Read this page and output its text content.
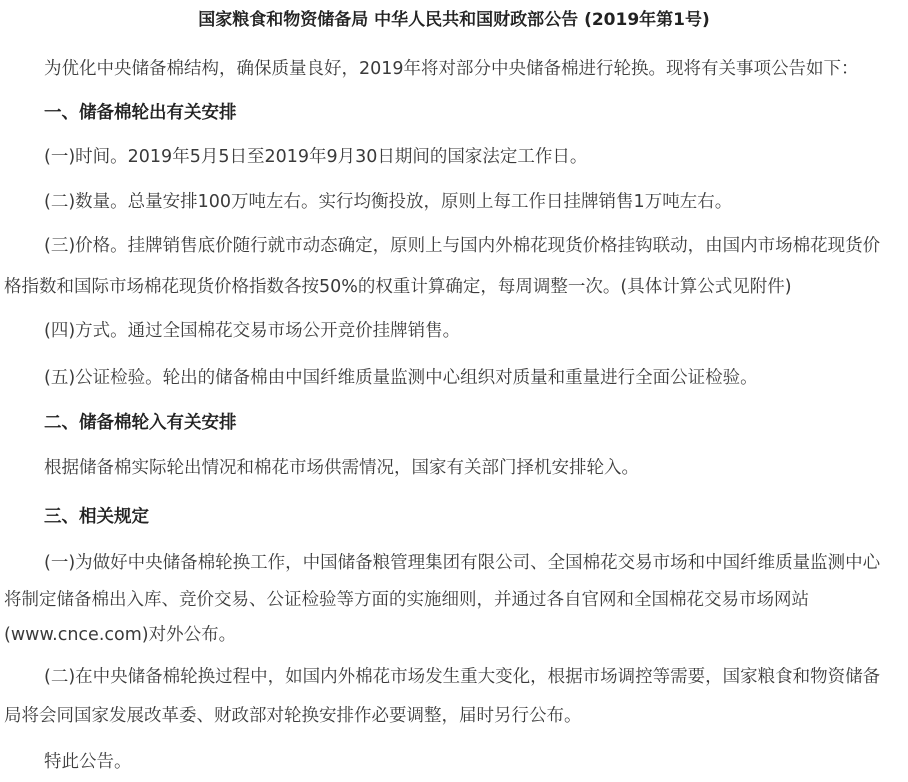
国家粮食和物资储备局 中华人民共和国财政部公告 (2019年第1号)
为优化中央储备棉结构，确保质量良好，2019年将对部分中央储备棉进行轮换。现将有关事项公告如下：
一、储备棉轮出有关安排
(一)时间。2019年5月5日至2019年9月30日期间的国家法定工作日。
(二)数量。总量安排100万吨左右。实行均衡投放，原则上每工作日挂牌销售1万吨左右。
(三)价格。挂牌销售底价随行就市动态确定，原则上与国内外棉花现货价格挂钩联动，由国内市场棉花现货价
格指数和国际市场棉花现货价格指数各按50%的权重计算确定，每周调整一次。(具体计算公式见附件)
(四)方式。通过全国棉花交易市场公开竞价挂牌销售。
(五)公证检验。轮出的储备棉由中国纤维质量监测中心组织对质量和重量进行全面公证检验。
二、储备棉轮入有关安排
根据储备棉实际轮出情况和棉花市场供需情况，国家有关部门择机安排轮入。
三、相关规定
(一)为做好中央储备棉轮换工作，中国储备粮管理集团有限公司、全国棉花交易市场和中国纤维质量监测中心
将制定储备棉出入库、竞价交易、公证检验等方面的实施细则，并通过各自官网和全国棉花交易市场网站
(www.cnce.com)对外公布。
(二)在中央储备棉轮换过程中，如国内外棉花市场发生重大变化，根据市场调控等需要，国家粮食和物资储备
局将会同国家发展改革委、财政部对轮换安排作必要调整，届时另行公布。
特此公告。
